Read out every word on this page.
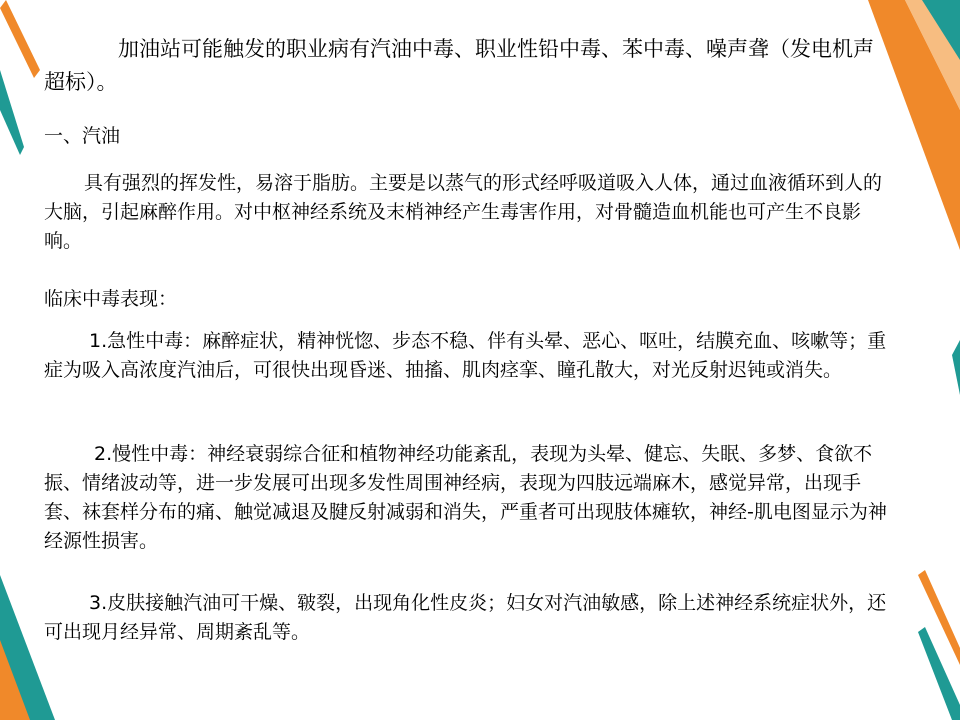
加油站可能触发的职业病有汽油中毒、职业性铅中毒、苯中毒、噪声聋（发电机声超标）。

一、汽油

具有强烈的挥发性，易溶于脂肪。主要是以蒸气的形式经呼吸道吸入人体，通过血液循环到人的大脑，引起麻醉作用。对中枢神经系统及末梢神经产生毒害作用，对骨髓造血机能也可产生不良影响。

临床中毒表现：

1.急性中毒：麻醉症状，精神恍惚、步态不稳、伴有头晕、恶心、呕吐，结膜充血、咳嗽等；重症为吸入高浓度汽油后，可很快出现昏迷、抽搐、肌肉痉挛、瞳孔散大，对光反射迟钝或消失。

2.慢性中毒：神经衰弱综合征和植物神经功能紊乱，表现为头晕、健忘、失眠、多梦、食欲不振、情绪波动等，进一步发展可出现多发性周围神经病，表现为四肢远端麻木，感觉异常，出现手套、袜套样分布的痛、触觉减退及腱反射减弱和消失，严重者可出现肢体瘫软，神经-肌电图显示为神经源性损害。

3.皮肤接触汽油可干燥、皲裂，出现角化性皮炎；妇女对汽油敏感，除上述神经系统症状外，还可出现月经异常、周期紊乱等。
